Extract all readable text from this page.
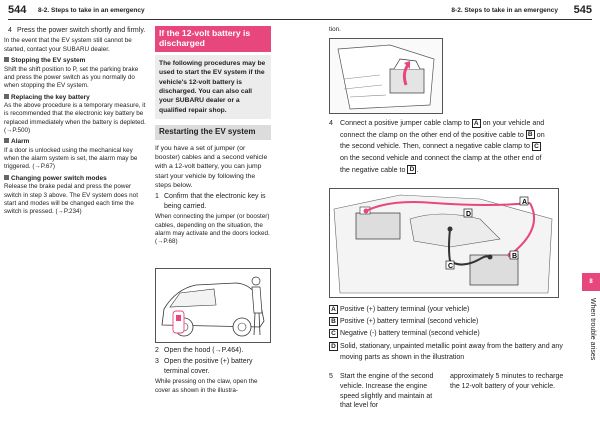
544 8-2. Steps to take in an emergency
4 Press the power switch shortly and firmly.

In the event that the EV system still cannot be started, contact your SUBARU dealer.

Stopping the EV system

Shift the shift position to P, set the parking brake and press the power switch as you normally do when stopping the EV system.

Replacing the key battery

As the above procedure is a temporary measure, it is recommended that the electronic key battery be replaced immediately when the battery is depleted. (→P.500)

Alarm

If a door is unlocked using the mechanical key when the alarm system is set, the alarm may be triggered. (→P.67)

Changing power switch modes

Release the brake pedal and press the power switch in step 3 above. The EV system does not start and modes will be changed each time the switch is pressed. (→P.234)

If the 12-volt battery is discharged
The following procedures may be used to start the EV system if the vehicle's 12-volt battery is discharged. You can also call your SUBARU dealer or a qualified repair shop.
Restarting the EV system

If you have a set of jumper (or booster) cables and a second vehicle with a 12-volt battery, you can jump start your vehicle by following the steps below.

1 Confirm that the electronic key is being carried.

When connecting the jumper (or booster) cables, depending on the situation, the alarm may activate and the doors locked. (→P.68)

2 Open the hood (→P.464).
3 Open the positive (+) battery terminal cover.

While pressing on the claw, open the cover as shown in the illustra-

8-2. Steps to take in an emergency 545
tion.
4 Connect a positive jumper cable clamp to A on your vehicle and
connect the clamp on the other end of the positive cable to B on
the second vehicle. Then, connect a negative cable clamp to C
on the second vehicle and connect the clamp at the other end of
the negative cable to D .
D
A
B
C
A Positive (+) battery terminal (your vehicle)
B Positive (+) battery terminal (second vehicle)
C Negative (-) battery terminal (second vehicle)
D Solid, stationary, unpainted metallic point away from the battery and any moving parts as shown in the illustration
5	Start the engine of the second vehicle. Increase the engine speed slightly and maintain at that level for
approximately 5 minutes to recharge the 12-volt battery of your vehicle.
8
When trouble arises
